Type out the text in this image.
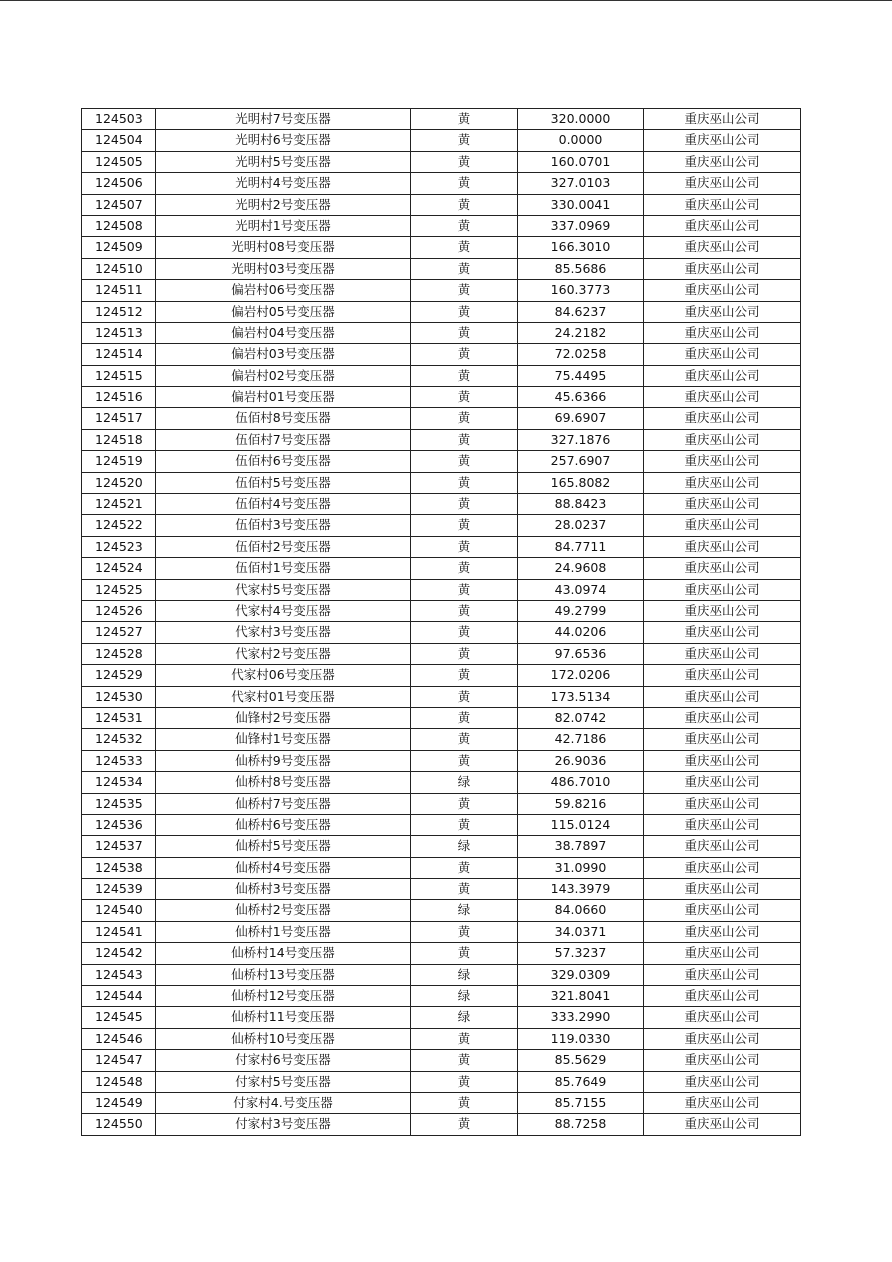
124503	光明村7号变压器	黄	320.0000	重庆巫山公司
124504	光明村6号变压器	黄	0.0000	重庆巫山公司
124505	光明村5号变压器	黄	160.0701	重庆巫山公司
124506	光明村4号变压器	黄	327.0103	重庆巫山公司
124507	光明村2号变压器	黄	330.0041	重庆巫山公司
124508	光明村1号变压器	黄	337.0969	重庆巫山公司
124509	光明村08号变压器	黄	166.3010	重庆巫山公司
124510	光明村03号变压器	黄	85.5686	重庆巫山公司
124511	偏岩村06号变压器	黄	160.3773	重庆巫山公司
124512	偏岩村05号变压器	黄	84.6237	重庆巫山公司
124513	偏岩村04号变压器	黄	24.2182	重庆巫山公司
124514	偏岩村03号变压器	黄	72.0258	重庆巫山公司
124515	偏岩村02号变压器	黄	75.4495	重庆巫山公司
124516	偏岩村01号变压器	黄	45.6366	重庆巫山公司
124517	伍佰村8号变压器	黄	69.6907	重庆巫山公司
124518	伍佰村7号变压器	黄	327.1876	重庆巫山公司
124519	伍佰村6号变压器	黄	257.6907	重庆巫山公司
124520	伍佰村5号变压器	黄	165.8082	重庆巫山公司
124521	伍佰村4号变压器	黄	88.8423	重庆巫山公司
124522	伍佰村3号变压器	黄	28.0237	重庆巫山公司
124523	伍佰村2号变压器	黄	84.7711	重庆巫山公司
124524	伍佰村1号变压器	黄	24.9608	重庆巫山公司
124525	代家村5号变压器	黄	43.0974	重庆巫山公司
124526	代家村4号变压器	黄	49.2799	重庆巫山公司
124527	代家村3号变压器	黄	44.0206	重庆巫山公司
124528	代家村2号变压器	黄	97.6536	重庆巫山公司
124529	代家村06号变压器	黄	172.0206	重庆巫山公司
124530	代家村01号变压器	黄	173.5134	重庆巫山公司
124531	仙锋村2号变压器	黄	82.0742	重庆巫山公司
124532	仙锋村1号变压器	黄	42.7186	重庆巫山公司
124533	仙桥村9号变压器	黄	26.9036	重庆巫山公司
124534	仙桥村8号变压器	绿	486.7010	重庆巫山公司
124535	仙桥村7号变压器	黄	59.8216	重庆巫山公司
124536	仙桥村6号变压器	黄	115.0124	重庆巫山公司
124537	仙桥村5号变压器	绿	38.7897	重庆巫山公司
124538	仙桥村4号变压器	黄	31.0990	重庆巫山公司
124539	仙桥村3号变压器	黄	143.3979	重庆巫山公司
124540	仙桥村2号变压器	绿	84.0660	重庆巫山公司
124541	仙桥村1号变压器	黄	34.0371	重庆巫山公司
124542	仙桥村14号变压器	黄	57.3237	重庆巫山公司
124543	仙桥村13号变压器	绿	329.0309	重庆巫山公司
124544	仙桥村12号变压器	绿	321.8041	重庆巫山公司
124545	仙桥村11号变压器	绿	333.2990	重庆巫山公司
124546	仙桥村10号变压器	黄	119.0330	重庆巫山公司
124547	付家村6号变压器	黄	85.5629	重庆巫山公司
124548	付家村5号变压器	黄	85.7649	重庆巫山公司
124549	付家村4.号变压器	黄	85.7155	重庆巫山公司
124550	付家村3号变压器	黄	88.7258	重庆巫山公司
